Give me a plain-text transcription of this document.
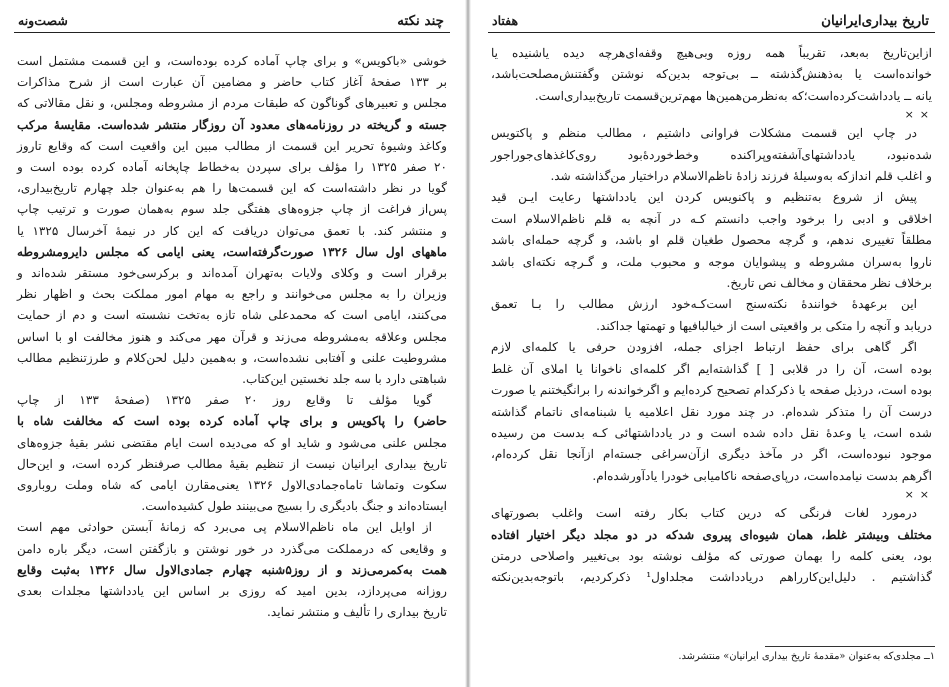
چند نکته
شصت‌ونه
خوشی «باکویس» و برای چاپ آماده کرده بوده‌است، و این قسمت مشتمل است
بر ۱۳۳ صفحهٔ آغاز کتاب حاضر و مضامین آن عبارت است از شرح مذاکرات
مجلس و تعبیرهای گوناگون که طبقات مردم از مشروطه ومجلس، و نقل مقالاتی که
جسته و گریخته در روزنامه‌های معدود آن روزگار منتشر شده‌است. مقایسهٔ مرکب
وکاغذ وشیوهٔ تحریر این قسمت از مطالب مبین این واقعیت است که وقایع تاروز
۲۰ صفر ۱۳۲۵ را مؤلف برای سپردن به‌خطاط چاپخانه آماده کرده بوده است و
گویا در نظر داشته‌است که این قسمت‌ها را هم به‌عنوان جلد چهارم تاریخ‌بیداری،
پس‌از فراغت از چاپ جزوه‌های هفتگی جلد سوم به‌همان صورت و ترتیب چاپ
و منتشر کند. با تعمق می‌توان دریافت که این کار در نیمهٔ آخرسال ۱۳۲۵ یا
ماههای اول سال ۱۳۲۶ صورت‌گرفته‌است، یعنی ایامی که مجلس دایرومشروطه
برقرار است و وکلای ولایات به‌تهران آمده‌اند و برکرسی‌خود مستقر شده‌اند و
وزیران را به مجلس می‌خوانند و راجع به مهام امور مملکت بحث و اظهار نظر
می‌کنند، ایامی است که محمدعلی شاه تازه به‌تخت نشسته است و دم از حمایت
مجلس وعلاقه به‌مشروطه می‌زند و قرآن مهر می‌کند و هنوز مخالفت او با اساس
مشروطیت علنی و آفتابی نشده‌است، و به‌همین دلیل لحن‌کلام و طرزتنظیم مطالب
شباهتی دارد با سه جلد نخستین این‌کتاب.
گویا مؤلف تا وقایع روز ۲۰ صفر ۱۳۲۵ (صفحهٔ ۱۳۳ از چاپ
حاضر) را پاکویس و برای چاپ آماده کرده بوده است که مخالفت شاه با
مجلس علنی می‌شود و شاید او که می‌دیده است ایام مقتضی نشر بقیهٔ جزوه‌های
تاریخ بیداری ایرانیان نیست از تنظیم بقیهٔ مطالب صرفنظر کرده است، و این‌حال
سکوت وتماشا تاماه‌جمادی‌الاول ۱۳۲۶ یعنی‌مقارن ایامی که شاه وملت روباروی
ایستاده‌اند و جنگ بادیگری را بسیج می‌بینند طول کشیده‌است.
از اوایل این ماه ناظم‌الاسلام پی می‌برد که زمانهٔ آبستن حوادثی مهم است
و وقایعی که درمملکت می‌گذرد در خور نوشتن و بازگفتن است، دیگر باره دامن
همت به‌کمرمی‌زند و از روز۵شنبه چهارم جمادی‌الاول سال ۱۳۲۶ به‌ثبت وقایع
روزانه می‌پردازد، بدین امید که روزی بر اساس این یادداشتها مجلدات بعدی
تاریخ بیداری را تألیف و منتشر نماید.
تاریخ بیداری‌ایرانیان
هفتاد
ازاین‌تاریخ به‌بعد، تقریباً همه روزه وبی‌هیچ وقفه‌ای‌هرچه دیده یاشنیده یا
خوانده‌است یا به‌ذهنش‌گذشته ــ بی‌توجه بدین‌که نوشتن وگفتنش‌مصلحت‌باشد،
یانه ــ یادداشت‌کرده‌است؛که به‌نظرمن‌همین‌ها مهم‌ترین‌قسمت تاریخ‌بیداری‌است.
××
در چاپ این قسمت مشکلات فراوانی داشتیم ، مطالب منظم و پاکتویس
شده‌نبود، یادداشتهای‌آشفته‌وپراکنده وخط‌خوردهٔ‌بود روی‌کاغذهای‌جوراجور
و اغلب قلم اندازکه به‌وسیلهٔ فرزند زادهٔ ناظم‌الاسلام دراختیار من‌گذاشته شد.
پیش از شروع به‌تنظیم و پاکنویس کردن این یادداشتها رعایت ایـن قید
اخلاقی و ادبی را برخود واجب دانستم کـه در آنچه به قلم ناظم‌الاسلام است
مطلقاً تغییری ندهم، و گرچه محصول طغیان قلم او باشد، و گرچه حمله‌ای باشد
ناروا به‌سران مشروطه و پیشوایان موجه و محبوب ملت، و گـرچه نکته‌ای باشد
برخلاف نظر محققان و مخالف نص تاریخ.
این برعهدهٔ خوانندهٔ نکته‌سنج است‌کـه‌خود ارزش مطالب را بـا تعمق
دریابد و آنچه را متکی بر واقعیتی است از خیالبافیها و تهمتها جداکند.
اگر گاهی برای حفظ ارتباط اجزای جمله، افزودن حرفی یا کلمه‌ای لازم
بوده است، آن را در قلابی [ ] گذاشته‌ایم اگر کلمه‌ای ناخوانا یا املای آن غلط
بوده است، درذیل صفحه یا ذکرکدام تصحیح کرده‌ایم و اگر‌خواندنه را برانگیختنم یا صورت
درست آن را متذکر شده‌ام. در چند مورد نقل اعلامیه یا شبنامه‌ای ناتمام گذاشته
شده است، یا وعدهٔ نقل داده شده است و در یادداشتهائی کـه بدست من رسیده
موجود نبوده‌است، اگر در مآخذ دیگری از‌آن‌سراغی جسته‌ام از‌آنجا نقل کرده‌ام،
اگرهم بدست نیامده‌است، درپای‌صفحه ناکامیابی خودرا یادآورشده‌ام.
××
درمورد لغات فرنگی که درین کتاب بکار رفته است واغلب بصورتهای
مختلف وبیشتر غلط، همان شیوه‌ای پیروی شدکه در دو مجلد دیگر اختیار افتاده
بود، یعنی کلمه را بهمان صورتی که مؤلف نوشته بود بی‌تغییر واصلاحی درمتن
گذاشتیم . دلیل‌این‌کارراهم دریادداشت مجلداول¹ ذکرکردیم، باتوجه‌بدین‌نکته
۱ــ مجلدی‌که به‌عنوان «مقدمهٔ تاریخ بیداری ایرانیان» منتشرشد.
